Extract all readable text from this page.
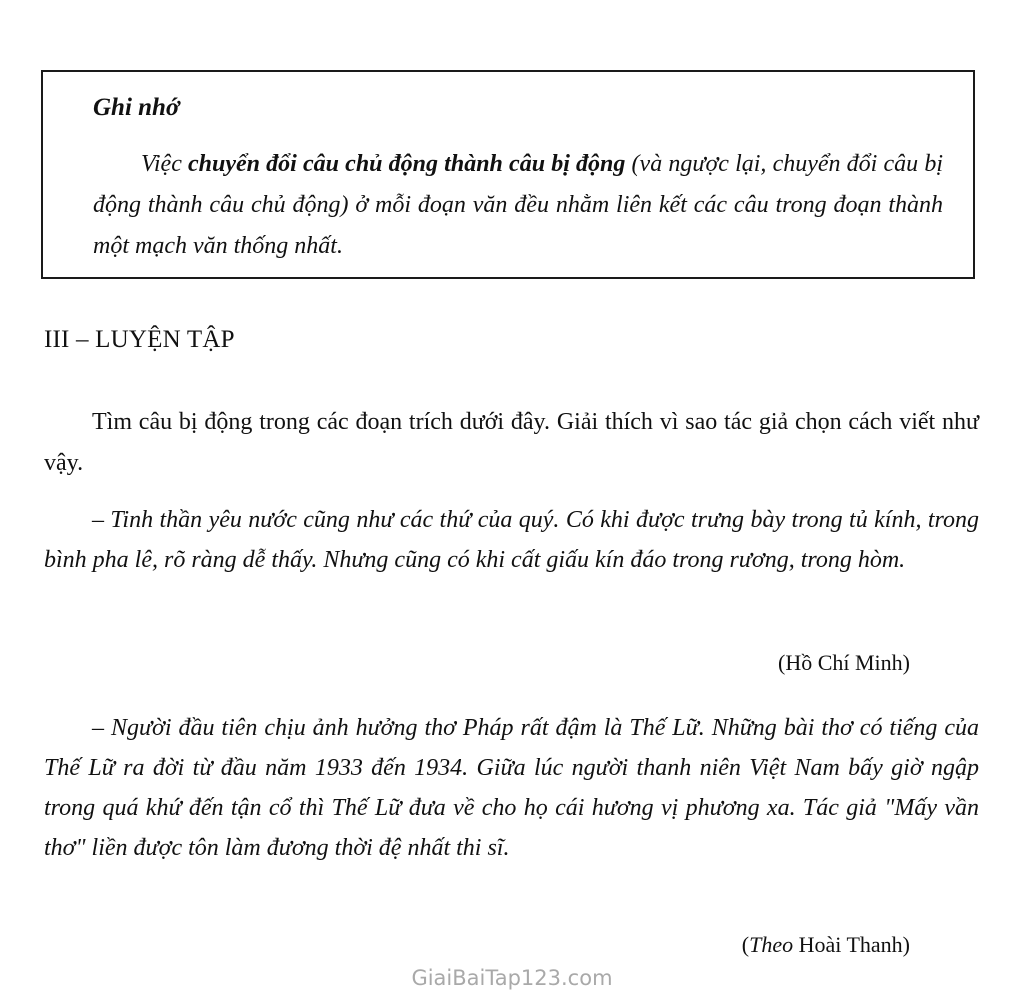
Ghi nhớ
Việc chuyển đổi câu chủ động thành câu bị động (và ngược lại, chuyển đổi câu bị động thành câu chủ động) ở mỗi đoạn văn đều nhằm liên kết các câu trong đoạn thành một mạch văn thống nhất.
III – LUYỆN TẬP
Tìm câu bị động trong các đoạn trích dưới đây. Giải thích vì sao tác giả chọn cách viết như vậy.
– Tinh thần yêu nước cũng như các thứ của quý. Có khi được trưng bày trong tủ kính, trong bình pha lê, rõ ràng dễ thấy. Nhưng cũng có khi cất giấu kín đáo trong rương, trong hòm.
(Hồ Chí Minh)
– Người đầu tiên chịu ảnh hưởng thơ Pháp rất đậm là Thế Lữ. Những bài thơ có tiếng của Thế Lữ ra đời từ đầu năm 1933 đến 1934. Giữa lúc người thanh niên Việt Nam bấy giờ ngập trong quá khứ đến tận cổ thì Thế Lữ đưa về cho họ cái hương vị phương xa. Tác giả "Mấy vần thơ" liền được tôn làm đương thời đệ nhất thi sĩ.
(Theo Hoài Thanh)
GiaiBaiTap123.com
